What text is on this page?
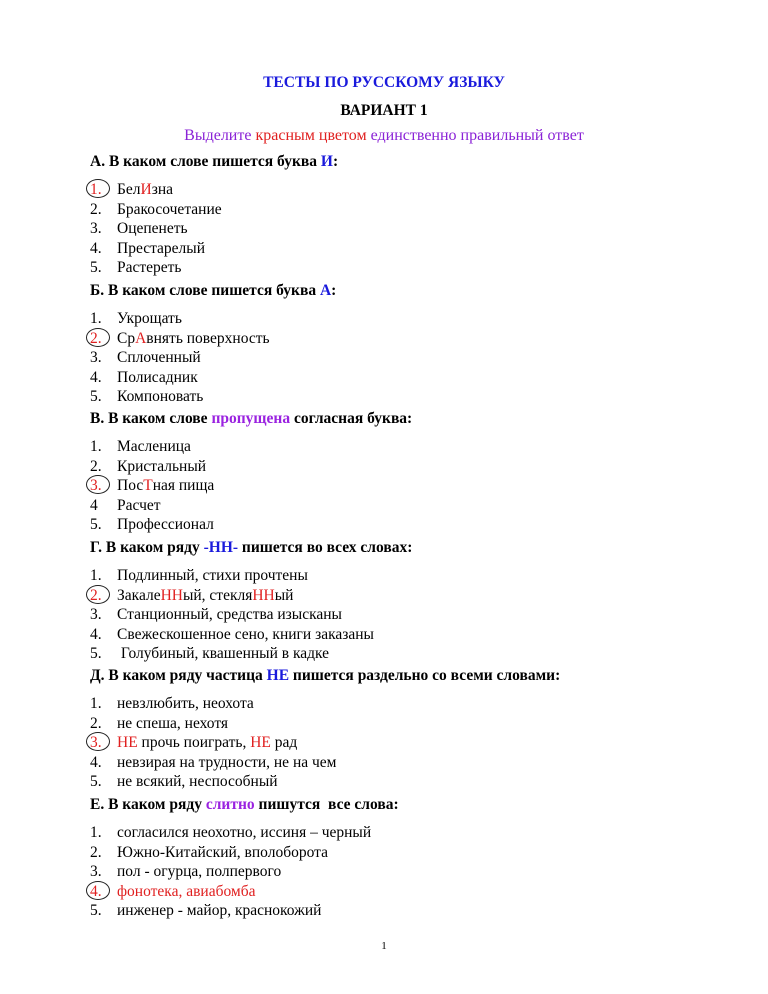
ТЕСТЫ ПО РУССКОМУ ЯЗЫКУ
ВАРИАНТ 1
Выделите красным цветом единственно правильный ответ
А. В каком слове пишется буква И:
1. БелИзна
2. Бракосочетание
3. Оцепенеть
4. Престарелый
5. Растереть
Б. В каком слове пишется буква А:
1. Укрощать
2. СрАвнять поверхность
3. Сплоченный
4. Полисадник
5. Компоновать
В. В каком слове пропущена согласная буква:
1. Масленица
2. Кристальный
3. ПосТная пища
4	Расчет
5. Профессионал
Г. В каком ряду -НН- пишется во всех словах:
1. Подлинный, стихи прочтены
2. ЗакалеННый, стекляННый
3. Станционный, средства изысканы
4. Свежескошенное сено, книги заказаны
5. Голубиный, квашенный в кадке
Д. В каком ряду частица НЕ пишется раздельно со всеми словами:
1. невзлюбить, неохота
2. не спеша, нехотя
3. НЕ прочь поиграть, НЕ рад
4. невзирая на трудности, не на чем
5. не всякий, неспособный
Е. В каком ряду слитно пишутся  все слова:
1. согласился неохотно, иссиня – черный
2. Южно-Китайский, вполоборота
3. пол - огурца, полпервого
4. фонотека, авиабомба
5. инженер - майор, краснокожий
1
